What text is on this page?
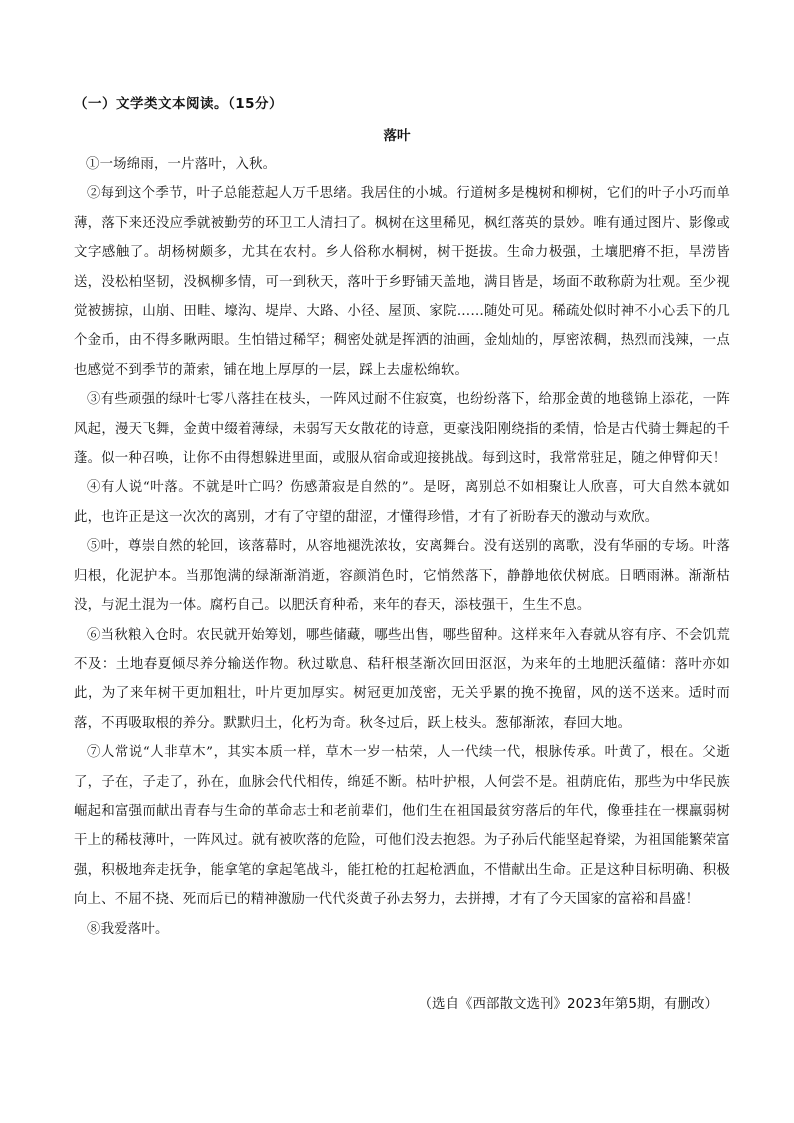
（一）文学类文本阅读。（15分）
落叶

①一场绵雨，一片落叶，入秋。

②每到这个季节，叶子总能惹起人万千思绪。我居住的小城。行道树多是槐树和柳树，它们的叶子小巧而单薄，落下来还没应季就被勤劳的环卫工人清扫了。枫树在这里稀见，枫红落英的景妙。唯有通过图片、影像或文字感触了。胡杨树颇多，尤其在农村。乡人俗称水桐树，树干挺拔。生命力极强，土壤肥瘠不拒，旱涝皆送，没松柏坚韧，没枫柳多情，可一到秋天，落叶于乡野铺天盖地，满目皆是，场面不敢称蔚为壮观。至少视觉被掳掠，山崩、田畦、壕沟、堤岸、大路、小径、屋顶、家院……随处可见。稀疏处似时神不小心丢下的几个金币，由不得多瞅两眼。生怕错过稀罕；稠密处就是挥洒的油画，金灿灿的，厚密浓稠，热烈而浅辣，一点也感觉不到季节的萧索，铺在地上厚厚的一层，踩上去虚松绵软。

③有些顽强的绿叶七零八落挂在枝头，一阵风过耐不住寂寞，也纷纷落下，给那金黄的地毯锦上添花，一阵风起，漫天飞舞，金黄中缀着薄绿，未弱写天女散花的诗意，更豪浅阳刚绕指的柔情，恰是古代骑士舞起的千蓬。似一种召唤，让你不由得想躲进里面，或服从宿命或迎接挑战。每到这时，我常常驻足，随之伸臂仰天！

④有人说“叶落。不就是叶亡吗？伤感萧寂是自然的”。是呀，离别总不如相聚让人欣喜，可大自然本就如此，也许正是这一次次的离别，才有了守望的甜涩，才懂得珍惜，才有了祈盼春天的激动与欢欣。

⑤叶，尊崇自然的轮回，该落幕时，从容地褪洗浓妆，安离舞台。没有送别的离歌，没有华丽的专场。叶落归根，化泥护本。当那饱满的绿渐渐消逝，容颜消色时，它悄然落下，静静地依伏树底。日晒雨淋。渐渐枯没，与泥土混为一体。腐朽自己。以肥沃育种希，来年的春天，添枝强干，生生不息。

⑥当秋粮入仓时。农民就开始筹划，哪些储藏，哪些出售，哪些留种。这样来年入春就从容有序、不会饥荒不及：土地春夏倾尽养分输送作物。秋过歇息、秸秆根茎渐次回田沤沤，为来年的土地肥沃蕴储：落叶亦如此，为了来年树干更加粗壮，叶片更加厚实。树冠更加茂密，无关乎累的挽不挽留，风的送不送来。适时而落，不再吸取根的养分。默默归土，化朽为奇。秋冬过后，跃上枝头。葱郁渐浓，春回大地。

⑦人常说“人非草木”，其实本质一样，草木一岁一枯荣，人一代续一代，根脉传承。叶黄了，根在。父逝了，子在，子走了，孙在，血脉会代代相传，绵延不断。枯叶护根，人何尝不是。祖荫庇佑，那些为中华民族崛起和富强而献出青春与生命的革命志士和老前辈们，他们生在祖国最贫穷落后的年代，像垂挂在一棵羸弱树干上的稀枝薄叶，一阵风过。就有被吹落的危险，可他们没去抱怨。为子孙后代能坚起脊梁，为祖国能繁荣富强，积极地奔走抚争，能拿笔的拿起笔战斗，能扛枪的扛起枪洒血，不惜献出生命。正是这种目标明确、积极向上、不屈不挠、死而后已的精神激励一代代炎黄子孙去努力，去拼搏，才有了今天国家的富裕和昌盛！

⑧我爱落叶。

（选自《西部散文选刊》2023年第5期，有删改）
